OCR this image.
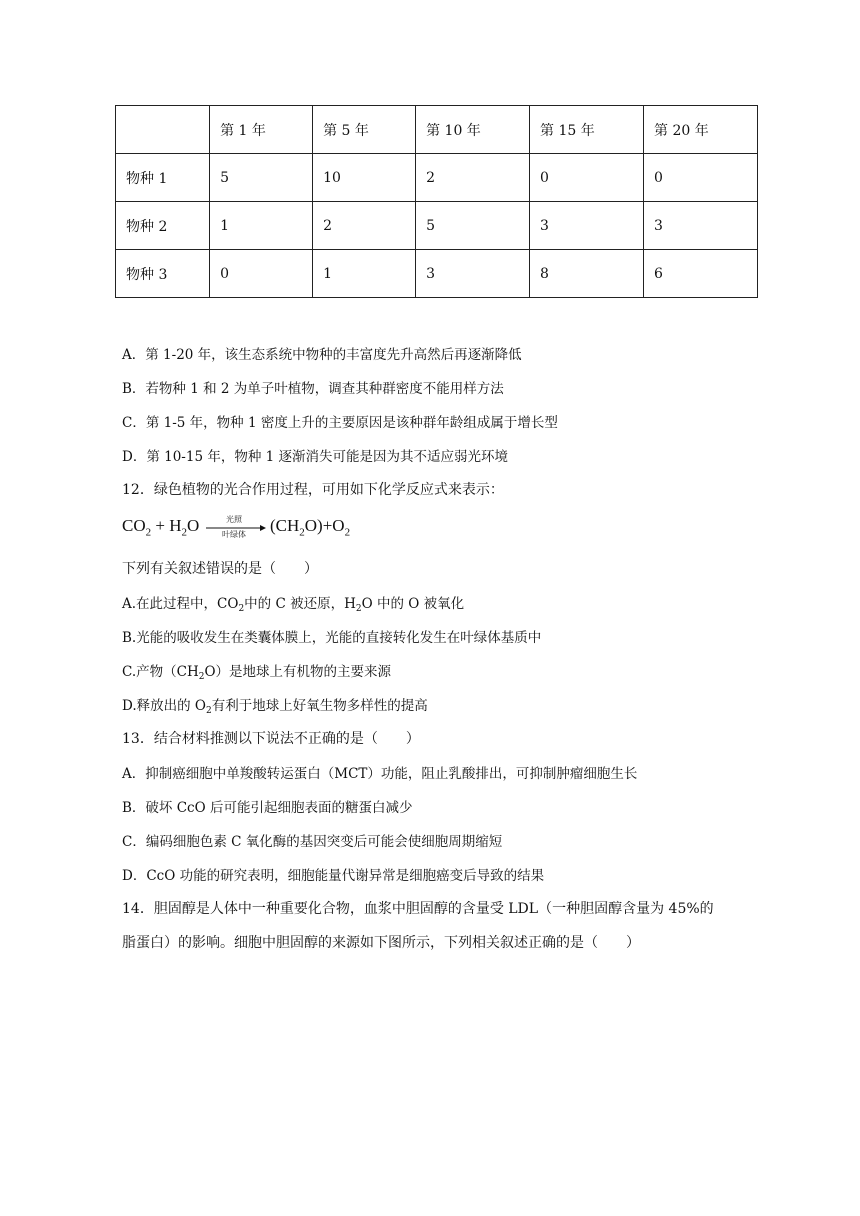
	第 1 年	第 5 年	第 10 年	第 15 年	第 20 年
物种 1	5	10	2	0	0
物种 2	1	2	5	3	3
物种 3	0	1	3	8	6
A．第 1-20 年，该生态系统中物种的丰富度先升高然后再逐渐降低
B．若物种 1 和 2 为单子叶植物，调查其种群密度不能用样方法
C．第 1-5 年，物种 1 密度上升的主要原因是该种群年龄组成属于增长型
D．第 10-15 年，物种 1 逐渐消失可能是因为其不适应弱光环境
12．绿色植物的光合作用过程，可用如下化学反应式来表示：
$CO_2 + H_2O$	光照
叶绿体	$(CH_2O)+O_2$
下列有关叙述错误的是（　　）
A.在此过程中，$CO_2$中的 C 被还原，$H_2O$ 中的 O 被氧化
B.光能的吸收发生在类囊体膜上，光能的直接转化发生在叶绿体基质中
C.产物$(CH_2O)$是地球上有机物的主要来源
D.释放出的 $O_2$有利于地球上好氧生物多样性的提高
13．结合材料推测以下说法不正确的是（　　）
A．抑制癌细胞中单羧酸转运蛋白（MCT）功能，阻止乳酸排出，可抑制肿瘤细胞生长
B．破坏 CcO 后可能引起细胞表面的糖蛋白减少
C．编码细胞色素 C 氧化酶的基因突变后可能会使细胞周期缩短
D．CcO 功能的研究表明，细胞能量代谢异常是细胞癌变后导致的结果
14．胆固醇是人体中一种重要化合物，血浆中胆固醇的含量受 LDL（一种胆固醇含量为 45%的
脂蛋白）的影响。细胞中胆固醇的来源如下图所示，下列相关叙述正确的是（　　）
